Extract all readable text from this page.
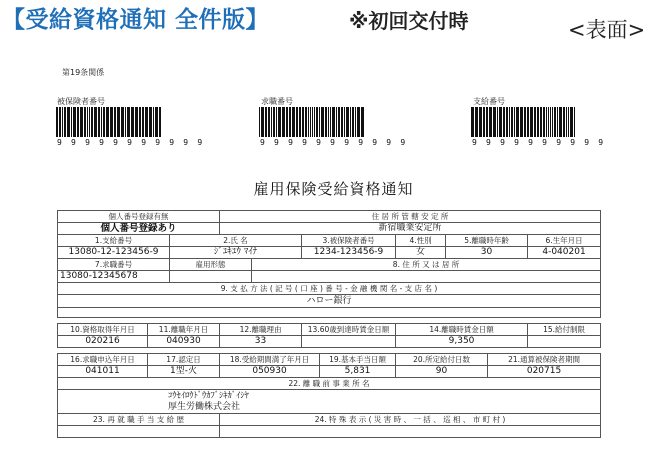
【受給資格通知 全件版】	※初回交付時	<表面>
第19条関係
被保険者番号
9 9 9 9 9 9 9 9 9 9 9
求職番号
9 9 9 9 9 9 9 9 9 9 9
支給番号
9 9 9 9 9 9 9 9 9 9
雇用保険受給資格通知
個人番号登録有無			住 居 所 管 轄 安 定 所							
個人番号登録あり			新宿職業安定所							
1.支給番号		2.氏 名			3.被保険者番号		4.性別	5.離職時年齢		6.生年月日
13080-12-123456-9		ｼﾞﾕｷﾕｳ ﾏｲﾅ			1234-123456-9		女	30		4-040201
7.求職番号		雇用形態		8. 住 所 又 は 居 所						
13080-12345678										
9. 支 払 方 法 ( 記 号 ( 口 座 ) 番 号 - 金 融 機 関 名 - 支 店 名 )										
ハロー銀行										

10.資格取得年月日	11.離職年月日		12.離職理由		13.60歳到達時賃金日額		14.離職時賃金日額			15.給付制限
020216	040930		33				9,350			

16.求職申込年月日	17.認定日		18.受給期間満了年月日			19.基本手当日額	20.所定給付日数		21.通算被保険者期間	
041011	1型-火		050930			5,831	90		020715	
22. 離 職 前 事 業 所 名										

ｺｳｾｲﾛｳﾄﾞｳｶﾌﾞｼｷｶﾞｲｼﾔ
厚生労働株式会社										

23. 再 就 職 手 当 支 給 歴			24. 特 殊 表 示 ( 災 害 時 、 一 括 、 巡 相 、 市 町 村 )							
